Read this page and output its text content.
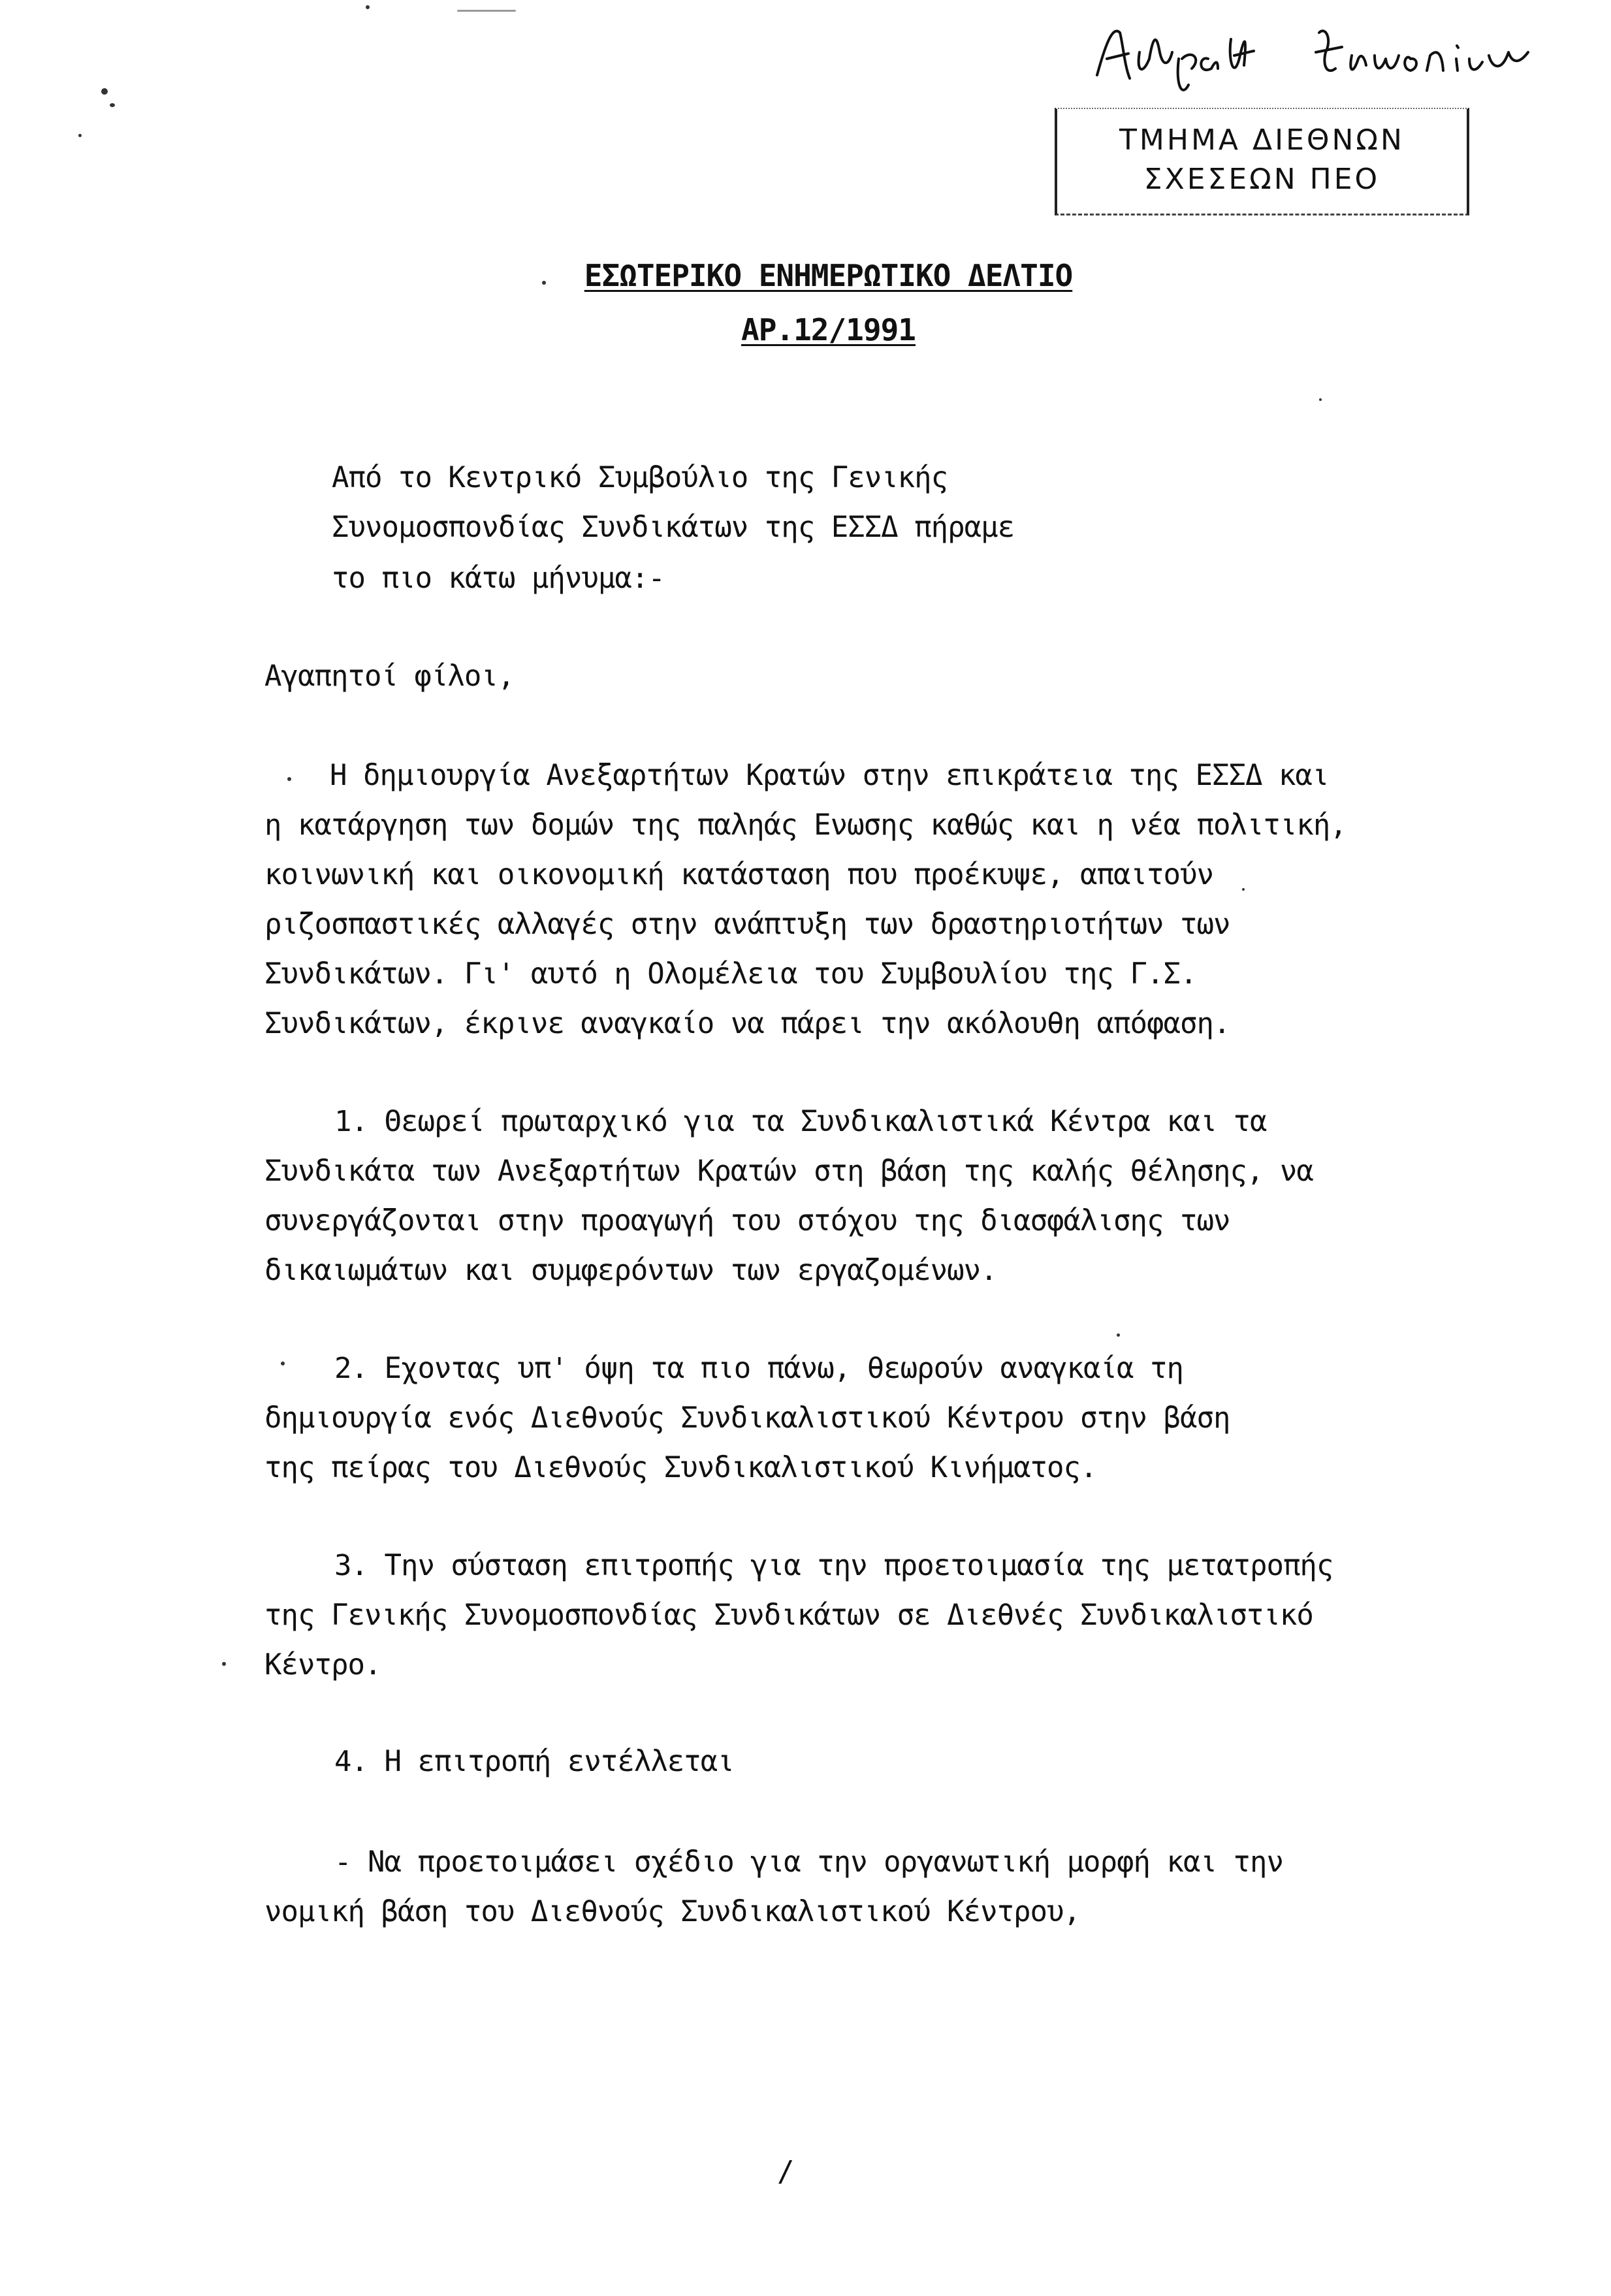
ΤΜΗΜΑ ΔΙΕΘΝΩΝ
ΣΧΕΣΕΩΝ ΠΕΟ
ΕΣΩΤΕΡΙΚΟ ΕΝΗΜΕΡΩΤΙΚΟ ΔΕΛΤΙΟ
ΑΡ.12/1991
Από το Κεντρικό Συμβούλιο της Γενικής
Συνομοσπονδίας Συνδικάτων της ΕΣΣΔ πήραμε
το πιο κάτω μήνυμα:-
Αγαπητοί φίλοι,
Η δημιουργία Ανεξαρτήτων Κρατών στην επικράτεια της ΕΣΣΔ και
η κατάργηση των δομών της παληάς Ενωσης καθώς και η νέα πολιτική,
κοινωνική και οικονομική κατάσταση που προέκυψε, απαιτούν
ριζοσπαστικές αλλαγές στην ανάπτυξη των δραστηριοτήτων των
Συνδικάτων. Γι' αυτό η Ολομέλεια του Συμβουλίου της Γ.Σ.
Συνδικάτων, έκρινε αναγκαίο να πάρει την ακόλουθη απόφαση.
1. Θεωρεί πρωταρχικό για τα Συνδικαλιστικά Κέντρα και τα
Συνδικάτα των Ανεξαρτήτων Κρατών στη βάση της καλής θέλησης, να
συνεργάζονται στην προαγωγή του στόχου της διασφάλισης των
δικαιωμάτων και συμφερόντων των εργαζομένων.
2. Εχοντας υπ' όψη τα πιο πάνω, θεωρούν αναγκαία τη
δημιουργία ενός Διεθνούς Συνδικαλιστικού Κέντρου στην βάση
της πείρας του Διεθνούς Συνδικαλιστικού Κινήματος.
3. Την σύσταση επιτροπής για την προετοιμασία της μετατροπής
της Γενικής Συνομοσπονδίας Συνδικάτων σε Διεθνές Συνδικαλιστικό
Κέντρο.
4. Η επιτροπή εντέλλεται
- Να προετοιμάσει σχέδιο για την οργανωτική μορφή και την
νομική βάση του Διεθνούς Συνδικαλιστικού Κέντρου,
/
